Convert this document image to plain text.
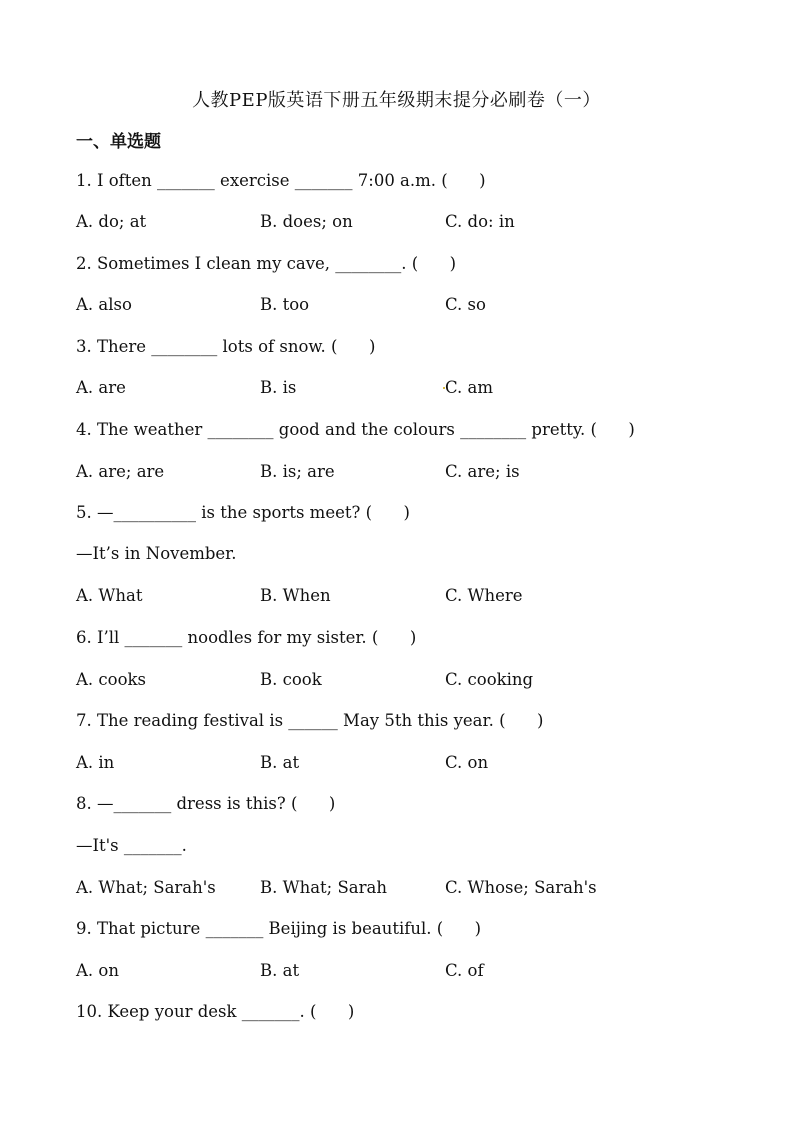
人教PEP版英语下册五年级期末提分必刷卷（一）
一、单选题
1. I often _______ exercise _______ 7:00 a.m. (      )
A. do; at	B. does; on	C. do: in
2. Sometimes I clean my cave, ________. (      )
A. also	B. too	C. so
3. There ________ lots of snow. (      )
A. are	B. is	C. am
4. The weather ________ good and the colours ________ pretty. (      )
A. are; are	B. is; are	C. are; is
5. —__________ is the sports meet? (      )
—It’s in November.
A. What	B. When	C. Where
6. I’ll _______ noodles for my sister. (      )
A. cooks	B. cook	C. cooking
7. The reading festival is ______ May 5th this year. (      )
A. in	B. at	C. on
8. —_______ dress is this? (      )
—It's _______.
A. What; Sarah's	B. What; Sarah	C. Whose; Sarah's
9. That picture _______ Beijing is beautiful. (      )
A. on	B. at	C. of
10. Keep your desk _______. (      )
